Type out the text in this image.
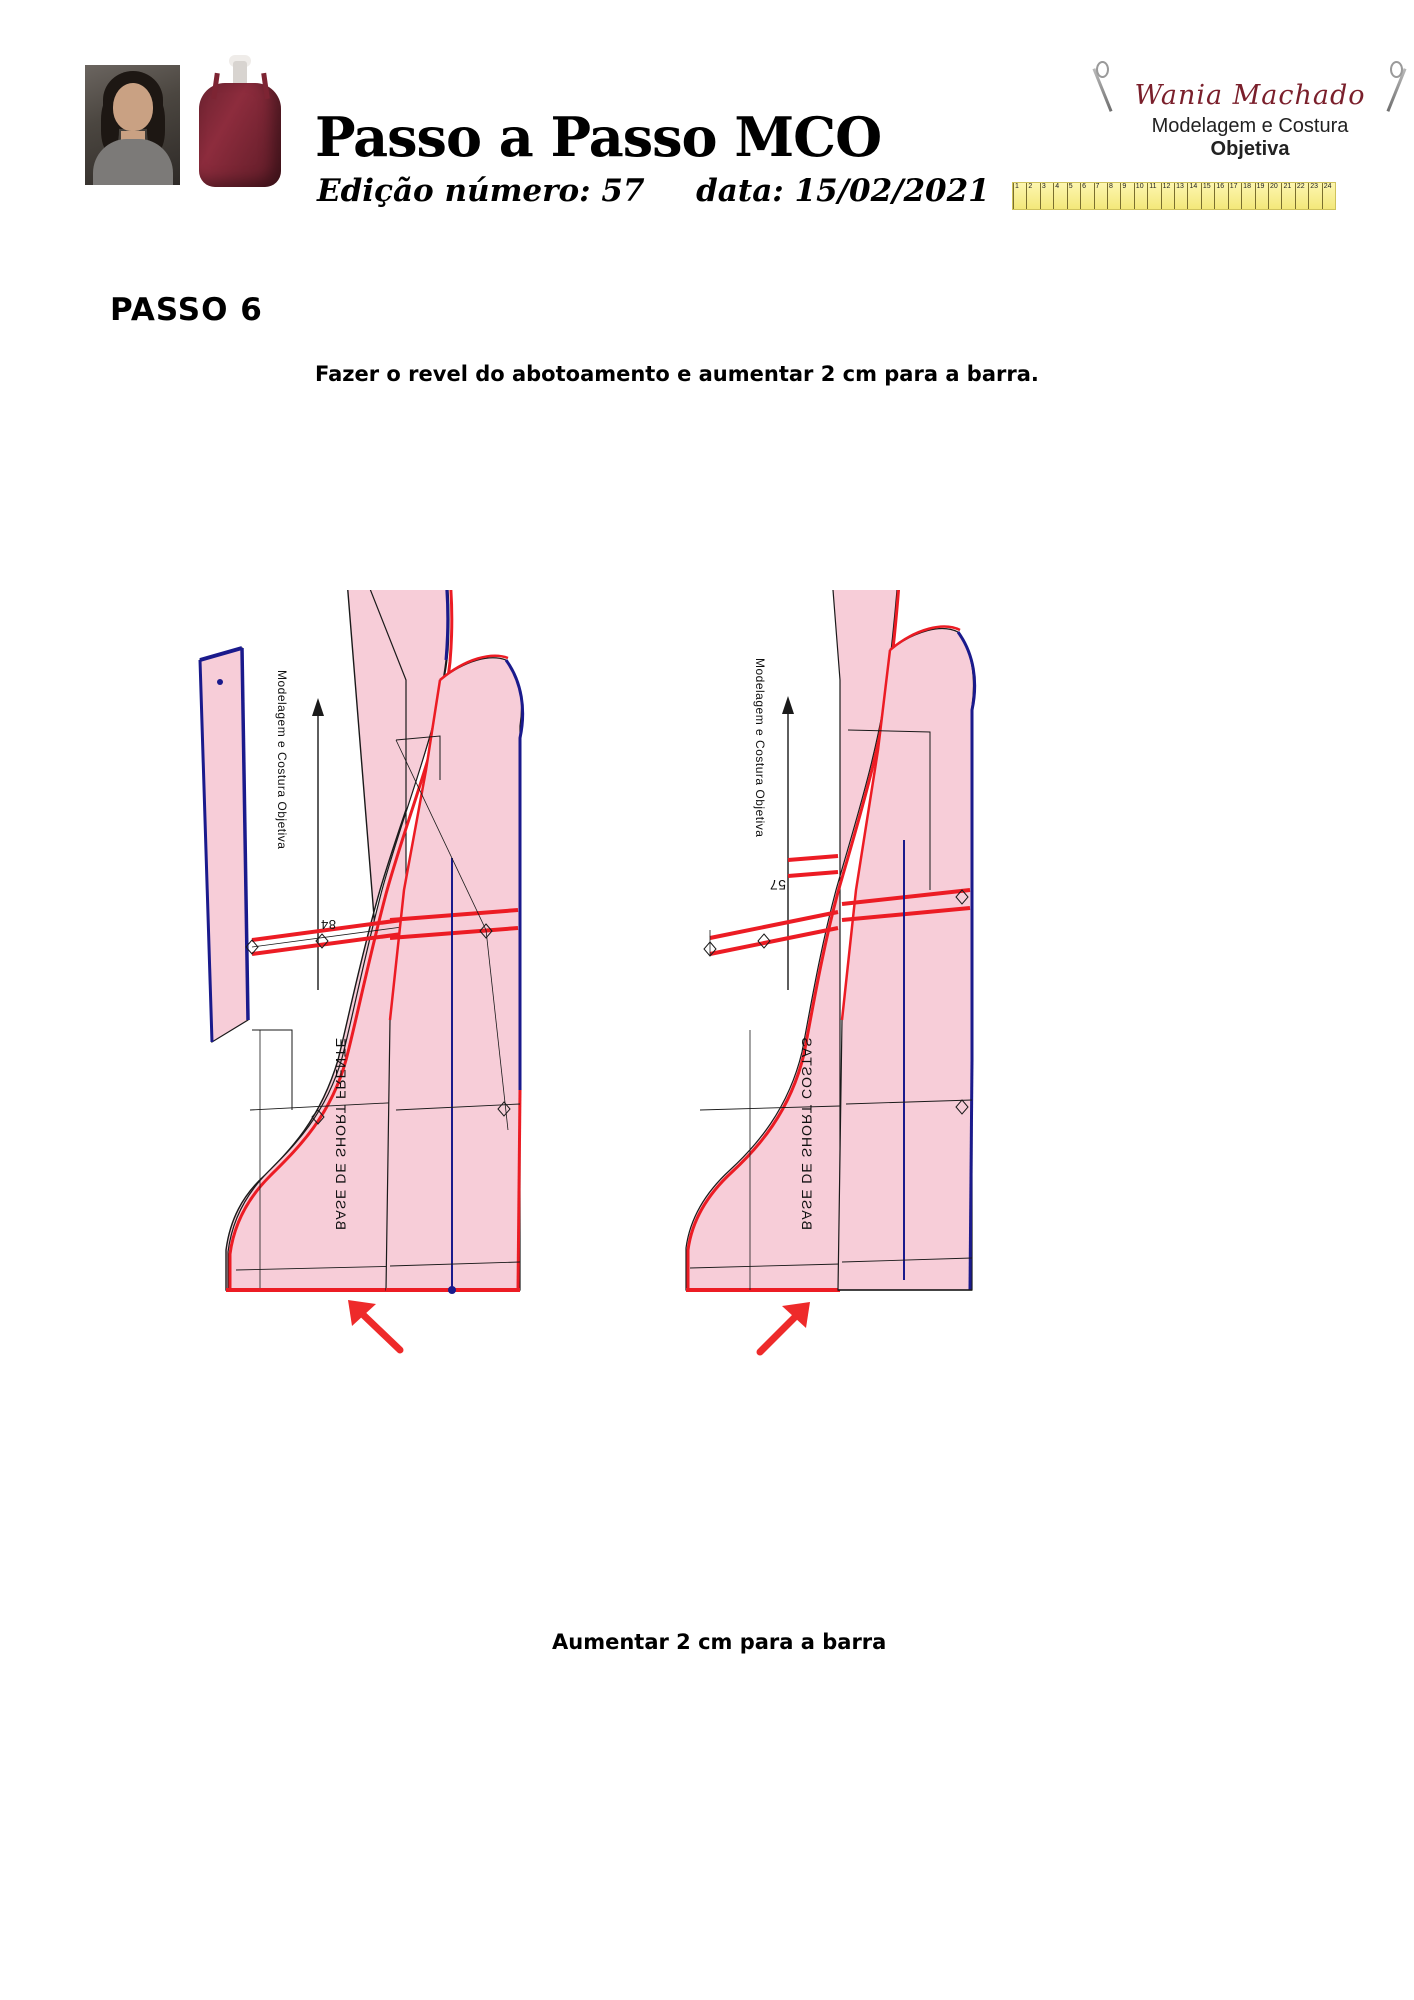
Passo a Passo MCO
Edição número: 57 data: 15/02/2021
Wania Machado
Modelagem e Costura
Objetiva
1	2	3	4	5	6	7	8	9	10 11 12 13 14 15 16 17 18 19 20 21 22 23 24
PASSO 6
Fazer o revel do abotoamento e aumentar 2 cm para a barra.
Modelagem e Costura Objetiva
84
BASE DE SHORT FRENTE
Modelagem e Costura Objetiva
57
BASE DE SHORT COSTAS
Aumentar 2 cm para a barra
